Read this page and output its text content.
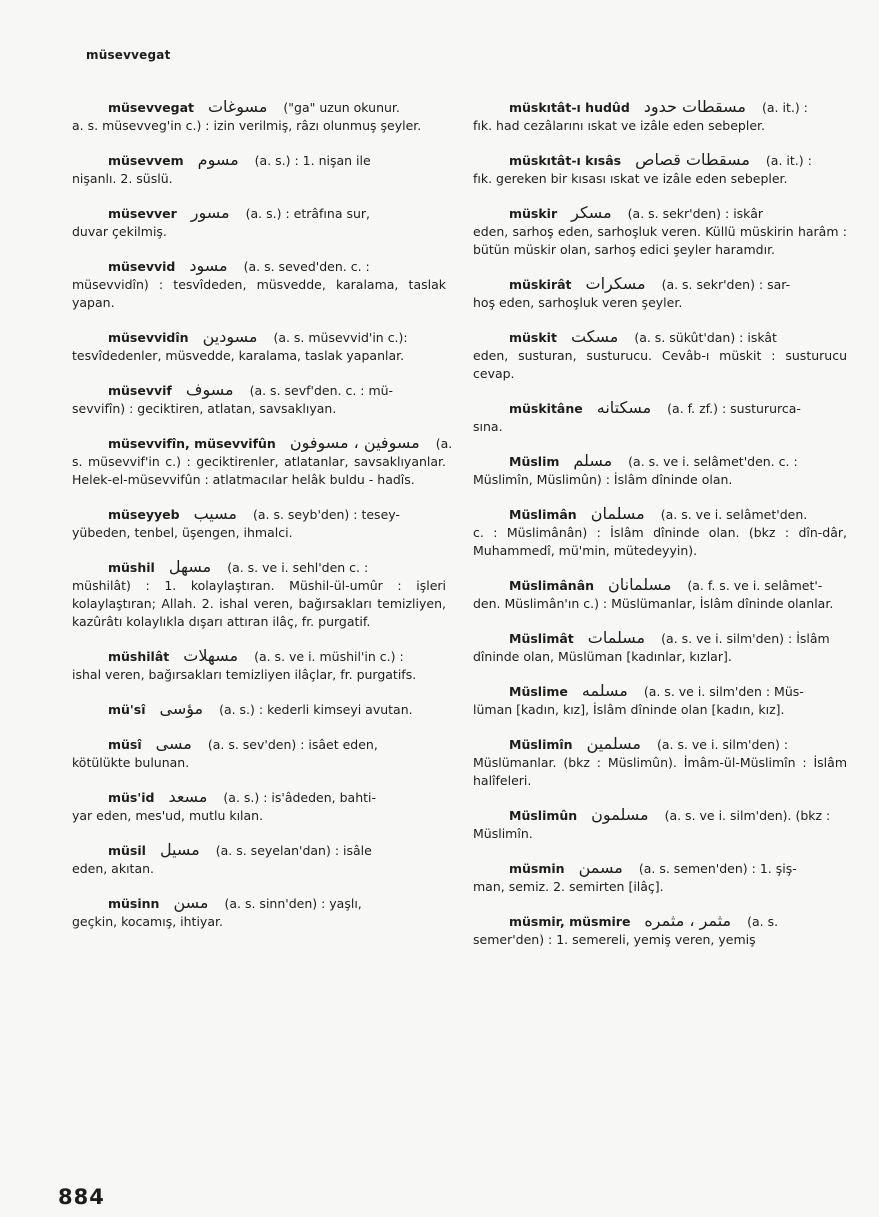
müsevvegat
müsevvegat مسوغات ("ga" uzun okunur.
a. s. müsevveg'in c.) : izin verilmiş, râzı olunmuş şeyler.
müsevvem مسوم (a. s.) : 1. nişan ile
nişanlı. 2. süslü.
müsevver مسور (a. s.) : etrâfına sur,
duvar çekilmiş.
müsevvid مسود (a. s. seved'den. c. :
müsevvidîn) : tesvîdeden, müsvedde, karalama, taslak yapan.
müsevvidîn مسودين (a. s. müsevvid'in c.):
tesvîdedenler, müsvedde, karalama, taslak yapanlar.
müsevvif مسوف (a. s. sevf'den. c. : mü-
sevvifîn) : geciktiren, atlatan, savsaklıyan.
müsevvifîn, müsevvifûn مسوفين ، مسوفون (a.
s. müsevvif'in c.) : geciktirenler, atlatanlar, savsaklıyanlar. Helek-el-müsevvifûn : atlatmacılar helâk buldu - hadîs.
müseyyeb مسيب (a. s. seyb'den) : tesey-
yübeden, tenbel, üşengen, ihmalci.
müshil مسهل (a. s. ve i. sehl'den c. :
müshilât) : 1. kolaylaştıran. Müshil-ül-umûr : işleri kolaylaştıran; Allah. 2. ishal veren, bağırsakları temizliyen, kazûrâtı kolaylıkla dışarı attıran ilâç, fr. purgatif.
müshilât مسهلات (a. s. ve i. müshil'in c.) :
ishal veren, bağırsakları temizliyen ilâçlar, fr. purgatifs.
mü'sî مؤسى (a. s.) : kederli kimseyi avutan.
müsî مسى (a. s. sev'den) : isâet eden,
kötülükte bulunan.
müs'id مسعد (a. s.) : is'âdeden, bahti-
yar eden, mes'ud, mutlu kılan.
müsil مسيل (a. s. seyelan'dan) : isâle
eden, akıtan.
müsinn مسن (a. s. sinn'den) : yaşlı,
geçkin, kocamış, ihtiyar.
müskıtât-ı hudûd مسقطات حدود (a. it.) :
fık. had cezâlarını ıskat ve izâle eden sebepler.
müskıtât-ı kısâs مسقطات قصاص (a. it.) :
fık. gereken bir kısası ıskat ve izâle eden sebepler.
müskir مسكر (a. s. sekr'den) : iskâr
eden, sarhoş eden, sarhoşluk veren. Küllü müskirin harâm : bütün müskir olan, sarhoş edici şeyler haramdır.
müskirât مسكرات (a. s. sekr'den) : sar-
hoş eden, sarhoşluk veren şeyler.
müskit مسكت (a. s. sükût'dan) : iskât
eden, susturan, susturucu. Cevâb-ı müskit : susturucu cevap.
müskitâne مسكتانه (a. f. zf.) : sustururca-
sına.
Müslim مسلم (a. s. ve i. selâmet'den. c. :
Müslimîn, Müslimûn) : İslâm dîninde olan.
Müslimân مسلمان (a. s. ve i. selâmet'den.
c. : Müslimânân) : İslâm dîninde olan. (bkz : dîn-dâr, Muhammedî, mü'min, mütedeyyin).
Müslimânân مسلمانان (a. f. s. ve i. selâmet'-
den. Müslimân'ın c.) : Müslümanlar, İslâm dîninde olanlar.
Müslimât مسلمات (a. s. ve i. silm'den) : İslâm
dîninde olan, Müslüman [kadınlar, kızlar].
Müslime مسلمه (a. s. ve i. silm'den : Müs-
lüman [kadın, kız], İslâm dîninde olan [kadın, kız].
Müslimîn مسلمين (a. s. ve i. silm'den) :
Müslümanlar. (bkz : Müslimûn). İmâm-ül-Müslimîn : İslâm halîfeleri.
Müslimûn مسلمون (a. s. ve i. silm'den). (bkz :
Müslimîn.
müsmin مسمن (a. s. semen'den) : 1. şiş-
man, semiz. 2. semirten [ilâç].
müsmir, müsmire مثمر ، مثمره (a. s.
semer'den) : 1. semereli, yemiş veren, yemiş
884
